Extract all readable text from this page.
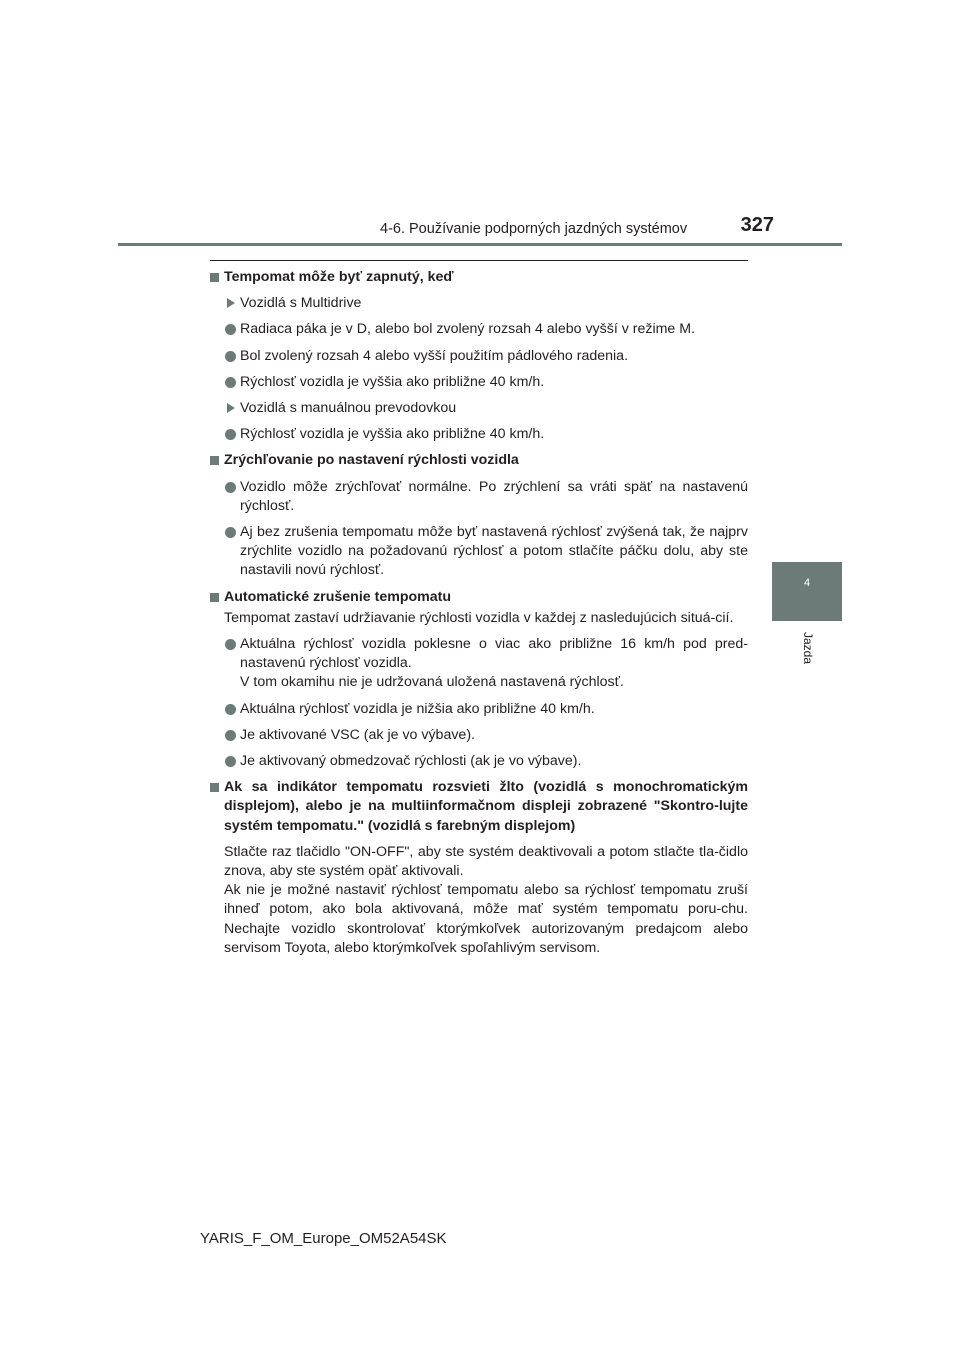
4-6. Používanie podporných jazdných systémov	327
4
Jazda
Tempomat môže byť zapnutý, keď
Vozidlá s Multidrive
Radiaca páka je v D, alebo bol zvolený rozsah 4 alebo vyšší v režime M.
Bol zvolený rozsah 4 alebo vyšší použitím pádlového radenia.
Rýchlosť vozidla je vyššia ako približne 40 km/h.
Vozidlá s manuálnou prevodovkou
Rýchlosť vozidla je vyššia ako približne 40 km/h.
Zrýchľovanie po nastavení rýchlosti vozidla
Vozidlo môže zrýchľovať normálne. Po zrýchlení sa vráti späť na nastavenú rýchlosť.
Aj bez zrušenia tempomatu môže byť nastavená rýchlosť zvýšená tak, že najprv zrýchlite vozidlo na požadovanú rýchlosť a potom stlačíte páčku dolu, aby ste nastavili novú rýchlosť.
Automatické zrušenie tempomatu
Tempomat zastaví udržiavanie rýchlosti vozidla v každej z nasledujúcich situá-cií.
Aktuálna rýchlosť vozidla poklesne o viac ako približne 16 km/h pod pred-
nastavenú rýchlosť vozidla.
V tom okamihu nie je udržovaná uložená nastavená rýchlosť.
Aktuálna rýchlosť vozidla je nižšia ako približne 40 km/h.
Je aktivované VSC (ak je vo výbave).
Je aktivovaný obmedzovač rýchlosti (ak je vo výbave).
Ak sa indikátor tempomatu rozsvieti žlto (vozidlá s monochromatickým displejom), alebo je na multiinformačnom displeji zobrazené "Skontro-lujte systém tempomatu." (vozidlá s farebným displejom)
Stlačte raz tlačidlo "ON-OFF", aby ste systém deaktivovali a potom stlačte tla-čidlo znova, aby ste systém opäť aktivovali.
Ak nie je možné nastaviť rýchlosť tempomatu alebo sa rýchlosť tempomatu zruší ihneď potom, ako bola aktivovaná, môže mať systém tempomatu poru-chu. Nechajte vozidlo skontrolovať ktorýmkoľvek autorizovaným predajcom alebo servisom Toyota, alebo ktorýmkoľvek spoľahlivým servisom.
YARIS_F_OM_Europe_OM52A54SK
